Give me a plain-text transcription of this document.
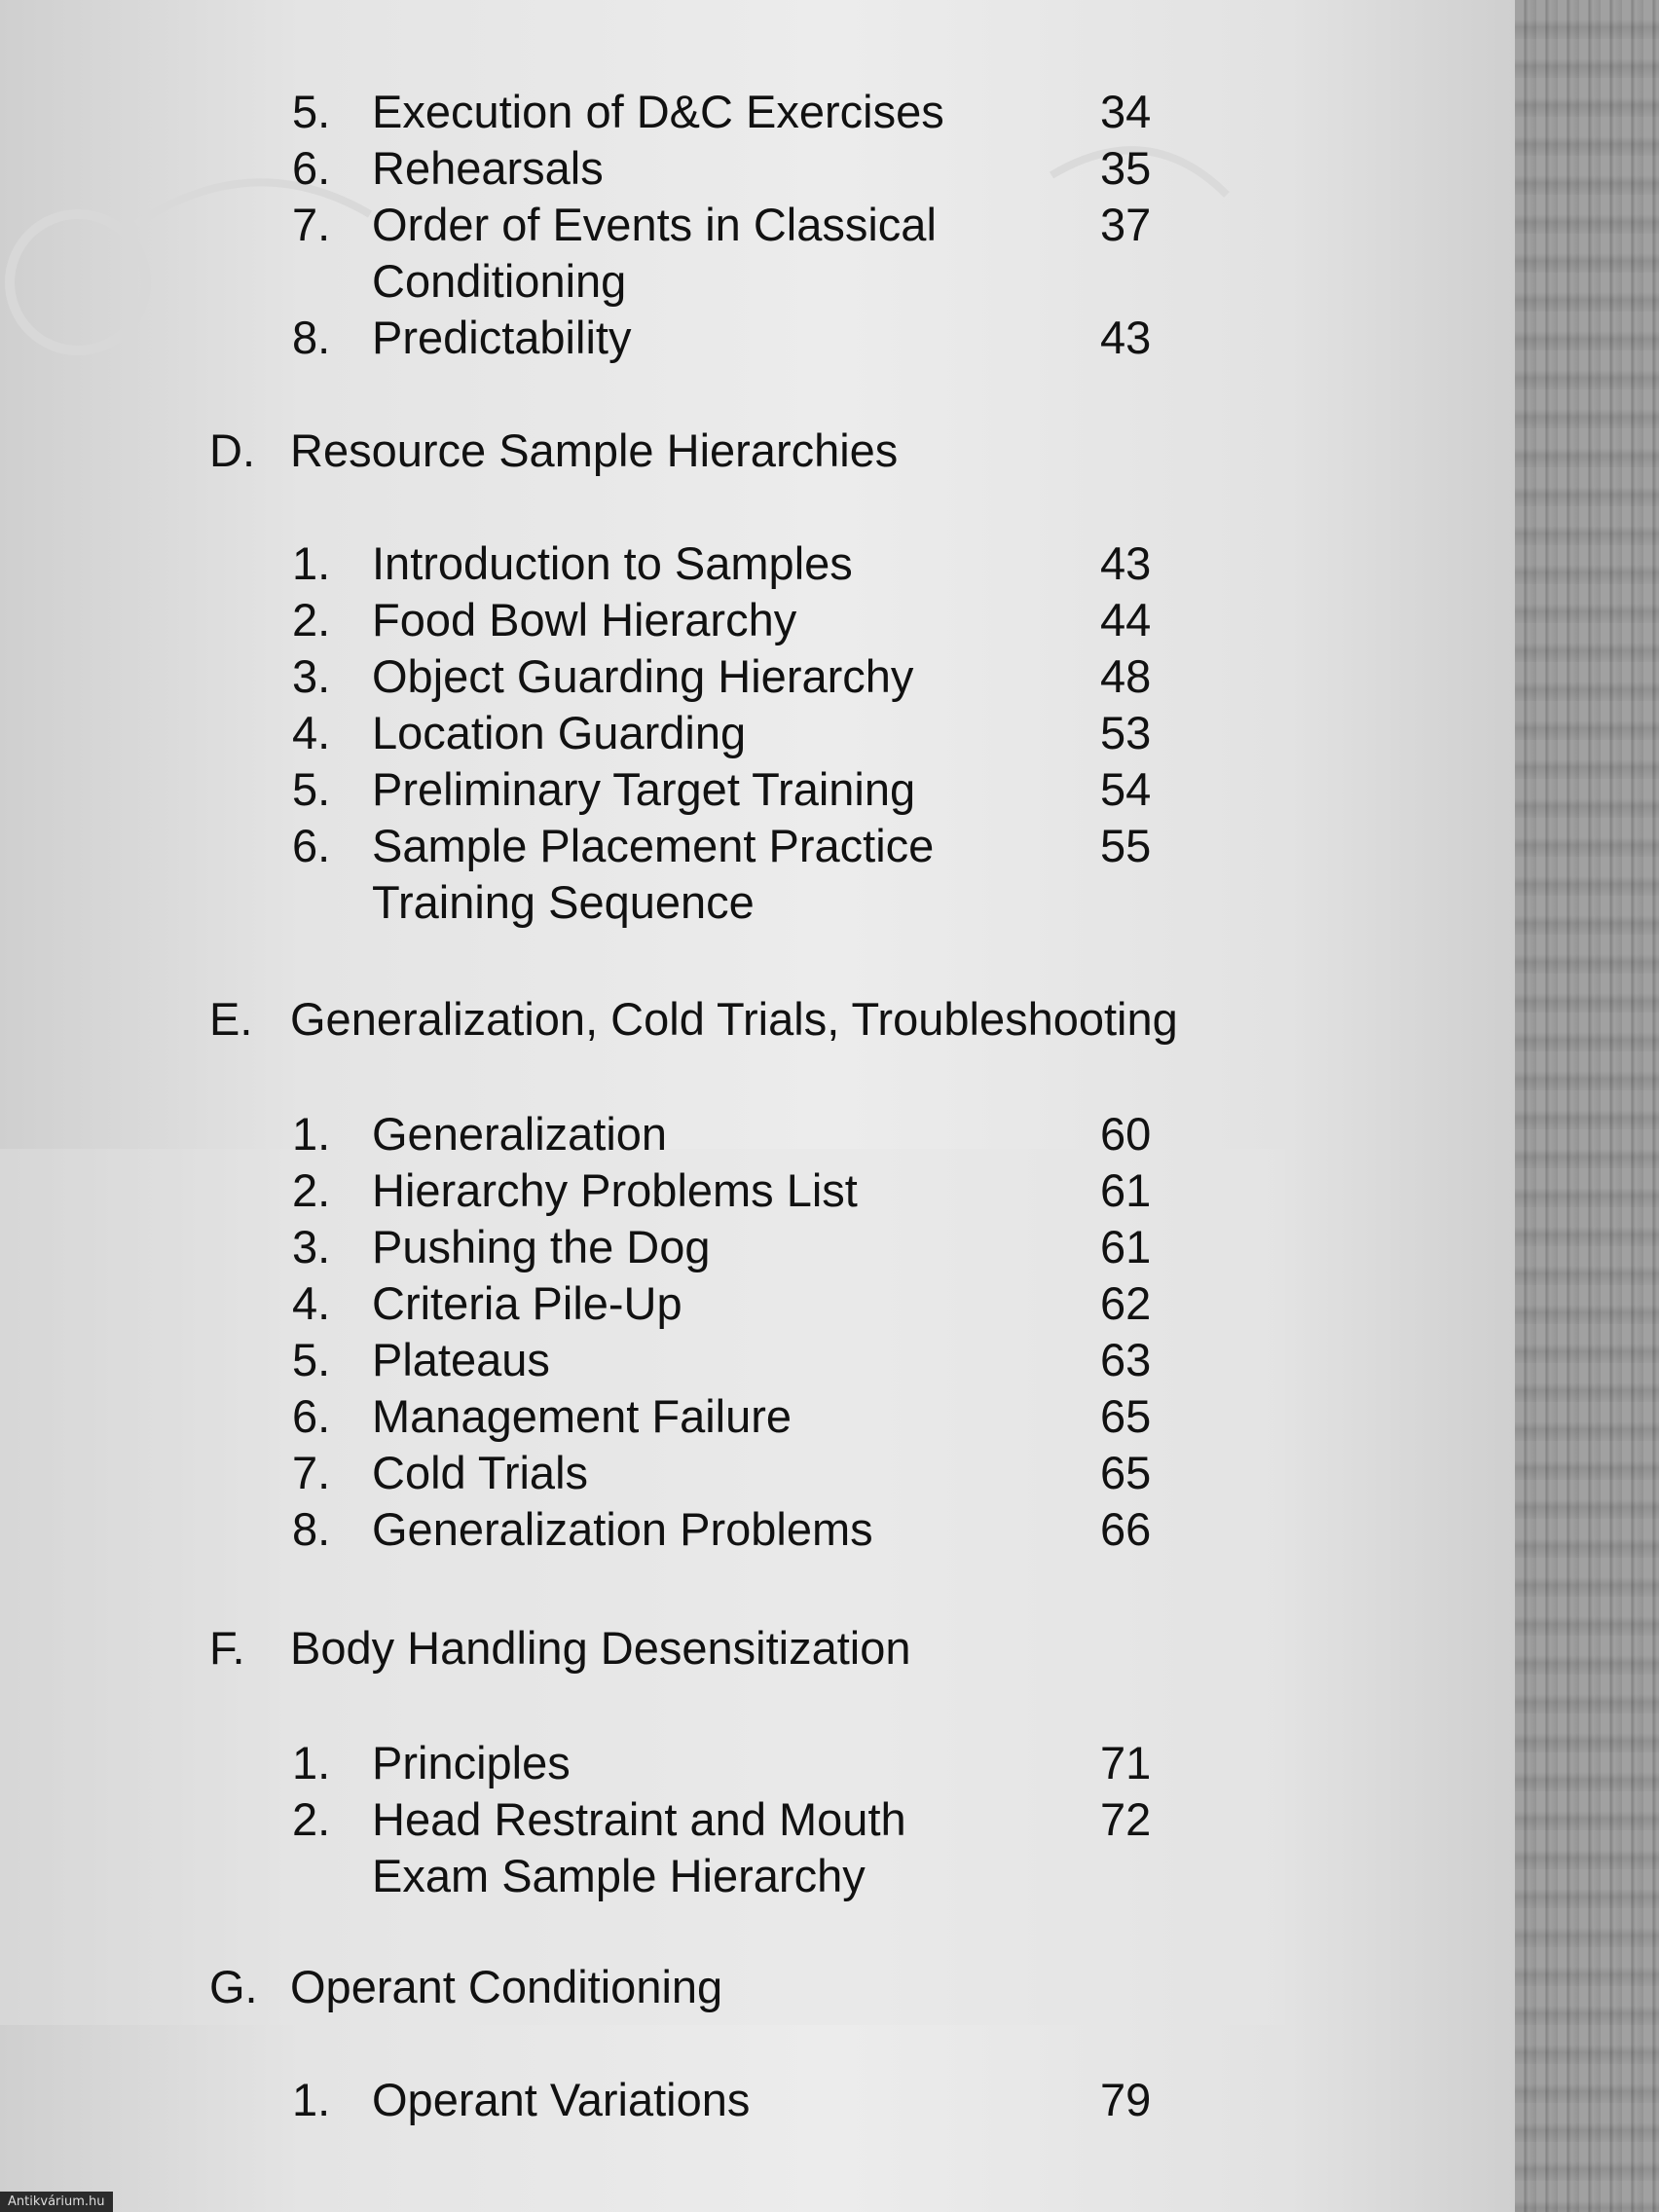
5. Execution of D&C Exercises	34
6. Rehearsals	35
7. Order of Events in Classical	37
Conditioning
8. Predictability	43
D. Resource Sample Hierarchies
1. Introduction to Samples	43
2. Food Bowl Hierarchy	44
3. Object Guarding Hierarchy	48
4. Location Guarding	53
5. Preliminary Target Training	54
6. Sample Placement Practice	55
Training Sequence
E. Generalization, Cold Trials, Troubleshooting
1. Generalization	60
2. Hierarchy Problems List	61
3. Pushing the Dog	61
4. Criteria Pile-Up	62
5. Plateaus	63
6. Management Failure	65
7. Cold Trials	65
8. Generalization Problems	66
F. Body Handling Desensitization
1. Principles	71
2. Head Restraint and Mouth	72
Exam Sample Hierarchy
G. Operant Conditioning
1. Operant Variations	79
Antikvárium.hu
